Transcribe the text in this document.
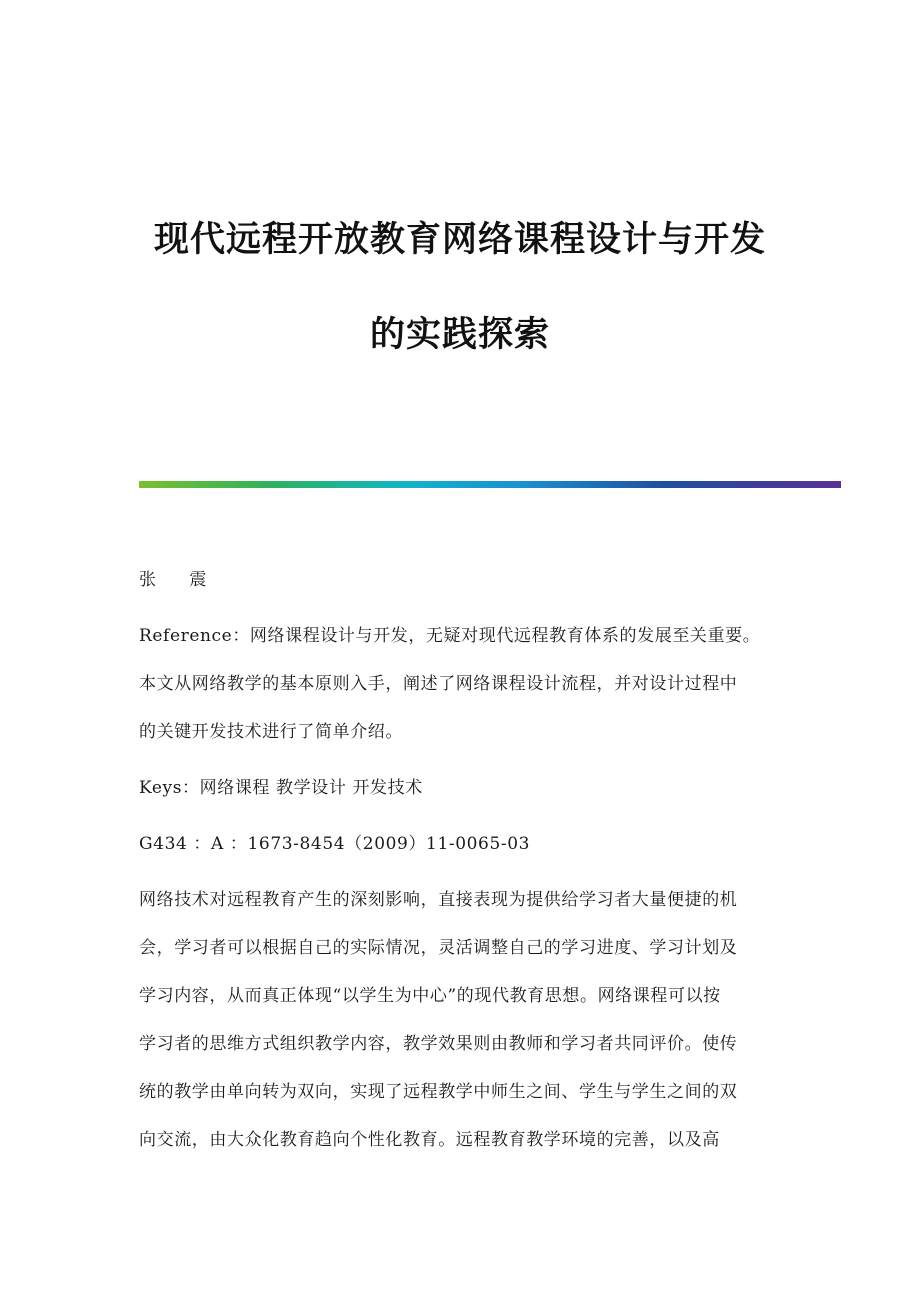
现代远程开放教育网络课程设计与开发
的实践探索
张 震
Reference：网络课程设计与开发，无疑对现代远程教育体系的发展至关重要。
本文从网络教学的基本原则入手，阐述了网络课程设计流程，并对设计过程中
的关键开发技术进行了简单介绍。
Keys：网络课程 教学设计 开发技术
G434 ：A ：1673-8454（2009）11-0065-03
网络技术对远程教育产生的深刻影响，直接表现为提供给学习者大量便捷的机
会，学习者可以根据自己的实际情况，灵活调整自己的学习进度、学习计划及
学习内容，从而真正体现“以学生为中心”的现代教育思想。网络课程可以按
学习者的思维方式组织教学内容，教学效果则由教师和学习者共同评价。使传
统的教学由单向转为双向，实现了远程教学中师生之间、学生与学生之间的双
向交流，由大众化教育趋向个性化教育。远程教育教学环境的完善，以及高
